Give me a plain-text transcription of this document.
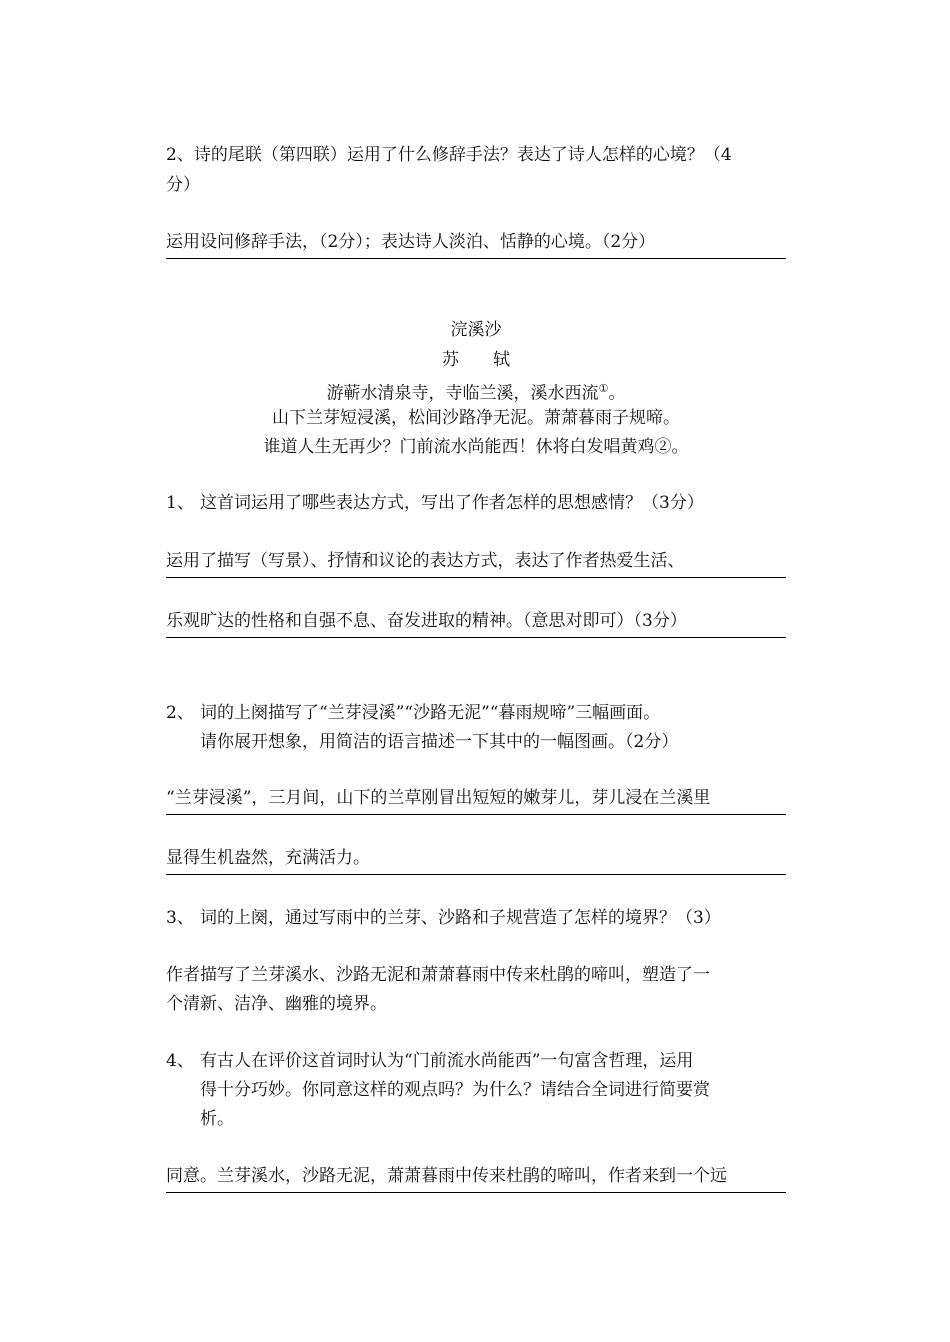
2、诗的尾联（第四联）运用了什么修辞手法？表达了诗人怎样的心境？（4
分）
运用设问修辞手法，（2分）；表达诗人淡泊、恬静的心境。（2分）
浣溪沙
苏　　轼
游蕲水清泉寺，寺临兰溪，溪水西流①。
山下兰芽短浸溪，松间沙路净无泥。萧萧暮雨子规啼。
谁道人生无再少？门前流水尚能西！休将白发唱黄鸡②。
1、 这首词运用了哪些表达方式，写出了作者怎样的思想感情？（3分）
运用了描写（写景）、抒情和议论的表达方式，表达了作者热爱生活、
乐观旷达的性格和自强不息、奋发进取的精神。（意思对即可）（3分）
2、 词的上阕描写了“兰芽浸溪”“沙路无泥”“暮雨规啼”三幅画面。
请你展开想象，用简洁的语言描述一下其中的一幅图画。（2分）
“兰芽浸溪”，三月间，山下的兰草刚冒出短短的嫩芽儿，芽儿浸在兰溪里
显得生机盎然，充满活力。
3、 词的上阕，通过写雨中的兰芽、沙路和子规营造了怎样的境界？（3）
作者描写了兰芽溪水、沙路无泥和萧萧暮雨中传来杜鹃的啼叫，塑造了一
个清新、洁净、幽雅的境界。
4、 有古人在评价这首词时认为“门前流水尚能西”一句富含哲理，运用
得十分巧妙。你同意这样的观点吗？为什么？请结合全词进行简要赏
析。
同意。兰芽溪水，沙路无泥，萧萧暮雨中传来杜鹃的啼叫，作者来到一个远
